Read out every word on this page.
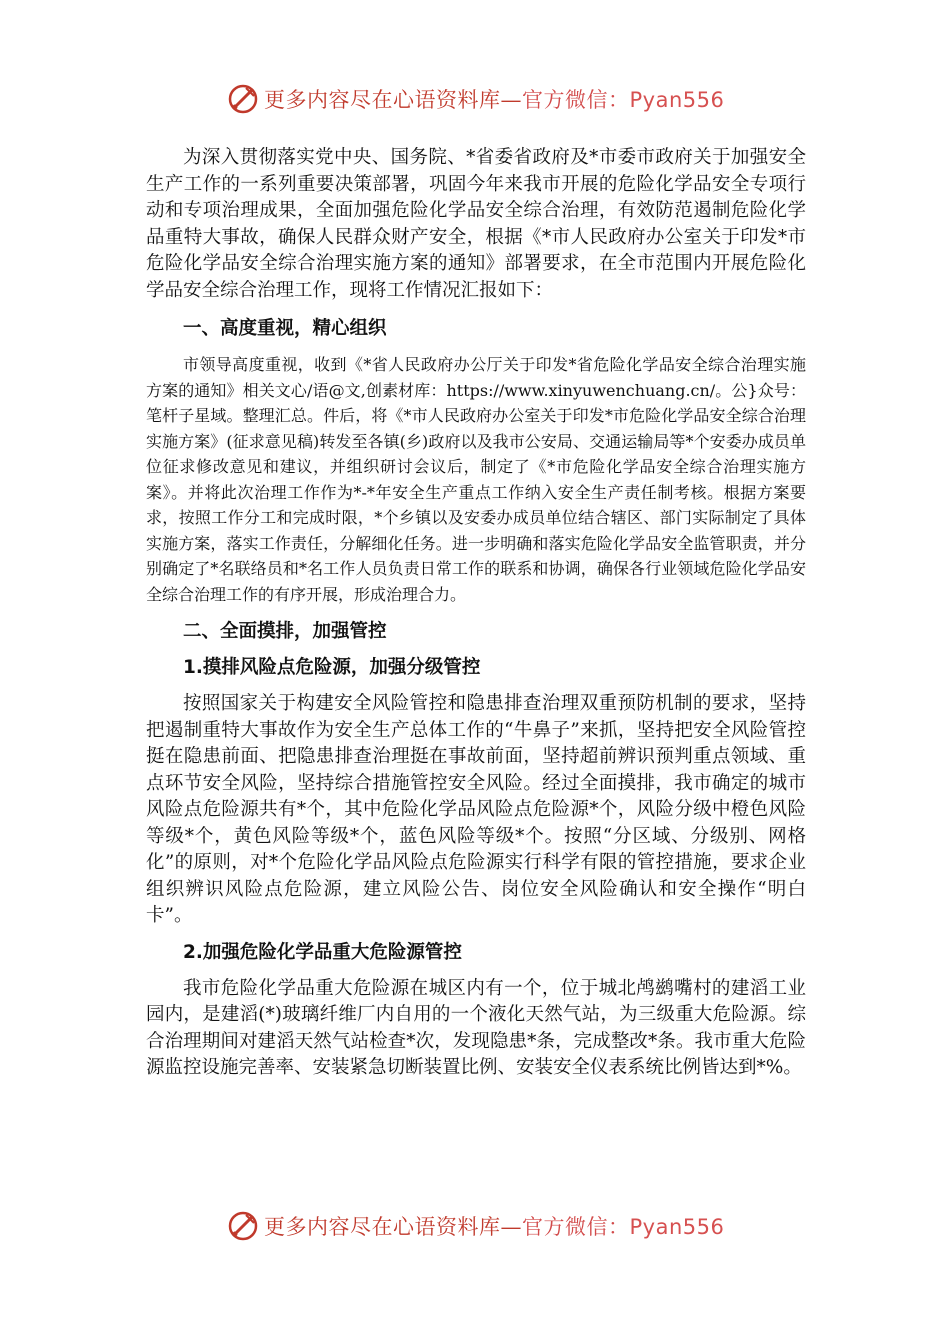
更多内容尽在心语资料库—官方微信：Pyan556

为深入贯彻落实党中央、国务院、*省委省政府及*市委市政府关于加强安全生产工作的一系列重要决策部署，巩固今年来我市开展的危险化学品安全专项行动和专项治理成果，全面加强危险化学品安全综合治理，有效防范遏制危险化学品重特大事故，确保人民群众财产安全，根据《*市人民政府办公室关于印发*市危险化学品安全综合治理实施方案的通知》部署要求，在全市范围内开展危险化学品安全综合治理工作，现将工作情况汇报如下：

一、高度重视，精心组织

市领导高度重视，收到《*省人民政府办公厅关于印发*省危险化学品安全综合治理实施方案的通知》相关文心/语@文,创素材库：https://www.xinyuwenchuang.cn/。公}众号：笔杆子星域。整理汇总。件后，将《*市人民政府办公室关于印发*市危险化学品安全综合治理实施方案》(征求意见稿)转发至各镇(乡)政府以及我市公安局、交通运输局等*个安委办成员单位征求修改意见和建议，并组织研讨会议后，制定了《*市危险化学品安全综合治理实施方案》。并将此次治理工作作为*-*年安全生产重点工作纳入安全生产责任制考核。根据方案要求，按照工作分工和完成时限，*个乡镇以及安委办成员单位结合辖区、部门实际制定了具体实施方案，落实工作责任，分解细化任务。进一步明确和落实危险化学品安全监管职责，并分别确定了*名联络员和*名工作人员负责日常工作的联系和协调，确保各行业领域危险化学品安全综合治理工作的有序开展，形成治理合力。

二、全面摸排，加强管控

1.摸排风险点危险源，加强分级管控

按照国家关于构建安全风险管控和隐患排查治理双重预防机制的要求，坚持把遏制重特大事故作为安全生产总体工作的“牛鼻子”来抓，坚持把安全风险管控挺在隐患前面、把隐患排查治理挺在事故前面，坚持超前辨识预判重点领域、重点环节安全风险，坚持综合措施管控安全风险。经过全面摸排，我市确定的城市风险点危险源共有*个，其中危险化学品风险点危险源*个，风险分级中橙色风险等级*个，黄色风险等级*个，蓝色风险等级*个。按照“分区域、分级别、网格化”的原则，对*个危险化学品风险点危险源实行科学有限的管控措施，要求企业组织辨识风险点危险源，建立风险公告、岗位安全风险确认和安全操作“明白卡”。

2.加强危险化学品重大危险源管控

我市危险化学品重大危险源在城区内有一个，位于城北鸬鹚嘴村的建滔工业园内，是建滔(*)玻璃纤维厂内自用的一个液化天然气站，为三级重大危险源。综合治理期间对建滔天然气站检查*次，发现隐患*条，完成整改*条。我市重大危险源监控设施完善率、安装紧急切断装置比例、安装安全仪表系统比例皆达到*%。

更多内容尽在心语资料库—官方微信：Pyan556
